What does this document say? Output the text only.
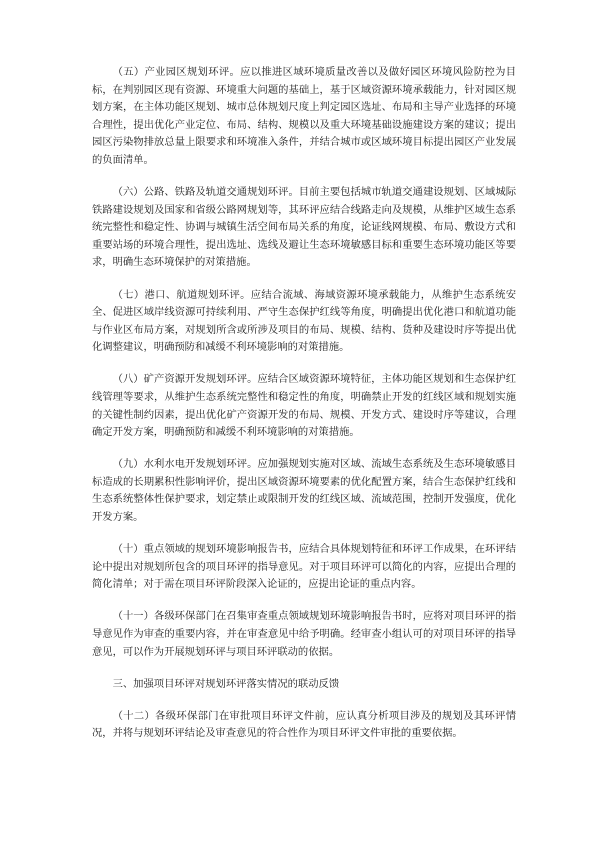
（五）产业园区规划环评。应以推进区域环境质量改善以及做好园区环境风险防控为目标，在判别园区现有资源、环境重大问题的基础上，基于区域资源环境承载能力，针对园区规划方案，在主体功能区规划、城市总体规划尺度上判定园区选址、布局和主导产业选择的环境合理性，提出优化产业定位、布局、结构、规模以及重大环境基础设施建设方案的建议；提出园区污染物排放总量上限要求和环境准入条件，并结合城市或区域环境目标提出园区产业发展的负面清单。

（六）公路、铁路及轨道交通规划环评。目前主要包括城市轨道交通建设规划、区域城际铁路建设规划及国家和省级公路网规划等，其环评应结合线路走向及规模，从维护区域生态系统完整性和稳定性、协调与城镇生活空间布局关系的角度，论证线网规模、布局、敷设方式和重要站场的环境合理性，提出选址、选线及避让生态环境敏感目标和重要生态环境功能区等要求，明确生态环境保护的对策措施。

（七）港口、航道规划环评。应结合流域、海域资源环境承载能力，从维护生态系统安全、促进区域岸线资源可持续利用、严守生态保护红线等角度，明确提出优化港口和航道功能与作业区布局方案，对规划所含或所涉及项目的布局、规模、结构、货种及建设时序等提出优化调整建议，明确预防和减缓不利环境影响的对策措施。

（八）矿产资源开发规划环评。应结合区域资源环境特征，主体功能区规划和生态保护红线管理等要求，从维护生态系统完整性和稳定性的角度，明确禁止开发的红线区域和规划实施的关键性制约因素，提出优化矿产资源开发的布局、规模、开发方式、建设时序等建议，合理确定开发方案，明确预防和减缓不利环境影响的对策措施。

（九）水利水电开发规划环评。应加强规划实施对区域、流域生态系统及生态环境敏感目标造成的长期累积性影响评价，提出区域资源环境要素的优化配置方案，结合生态保护红线和生态系统整体性保护要求，划定禁止或限制开发的红线区域、流域范围，控制开发强度，优化开发方案。

（十）重点领域的规划环境影响报告书，应结合具体规划特征和环评工作成果，在环评结论中提出对规划所包含的项目环评的指导意见。对于项目环评可以简化的内容，应提出合理的简化清单；对于需在项目环评阶段深入论证的，应提出论证的重点内容。

（十一）各级环保部门在召集审查重点领域规划环境影响报告书时，应将对项目环评的指导意见作为审查的重要内容，并在审查意见中给予明确。经审查小组认可的对项目环评的指导意见，可以作为开展规划环评与项目环评联动的依据。

三、加强项目环评对规划环评落实情况的联动反馈

（十二）各级环保部门在审批项目环评文件前，应认真分析项目涉及的规划及其环评情况，并将与规划环评结论及审查意见的符合性作为项目环评文件审批的重要依据。
